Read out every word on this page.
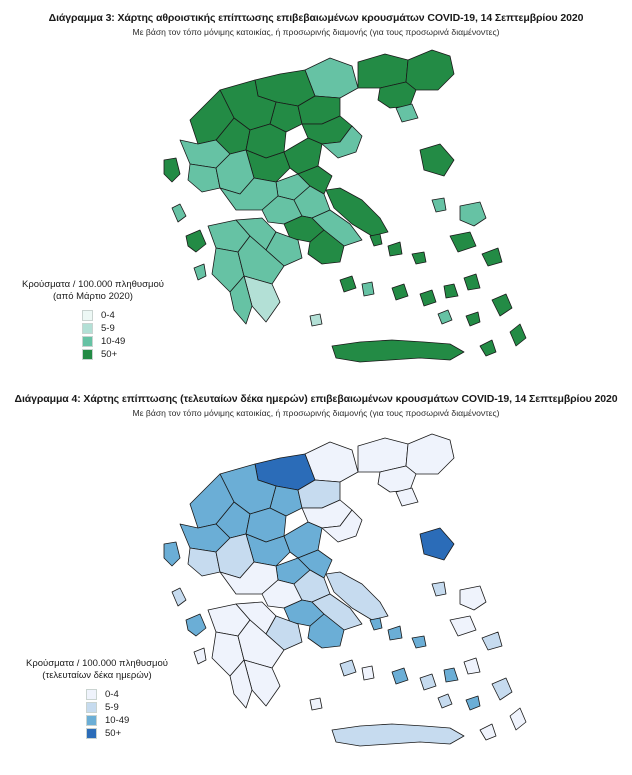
Διάγραμμα 3: Χάρτης αθροιστικής επίπτωσης επιβεβαιωμένων κρουσμάτων COVID-19, 14 Σεπτεμβρίου 2020
Με βάση τον τόπο μόνιμης κατοικίας, ή προσωρινής διαμονής (για τους προσωρινά διαμένοντες)
Κρούσματα / 100.000 πληθυσμού
(από Μάρτιο 2020)
0-4
5-9
10-49
50+
Διάγραμμα 4: Χάρτης επίπτωσης (τελευταίων δέκα ημερών) επιβεβαιωμένων κρουσμάτων COVID-19, 14 Σεπτεμβρίου 2020
Με βάση τον τόπο μόνιμης κατοικίας, ή προσωρινής διαμονής (για τους προσωρινά διαμένοντες)
Κρούσματα / 100.000 πληθυσμού
(τελευταίων δέκα ημερών)
0-4
5-9
10-49
50+
